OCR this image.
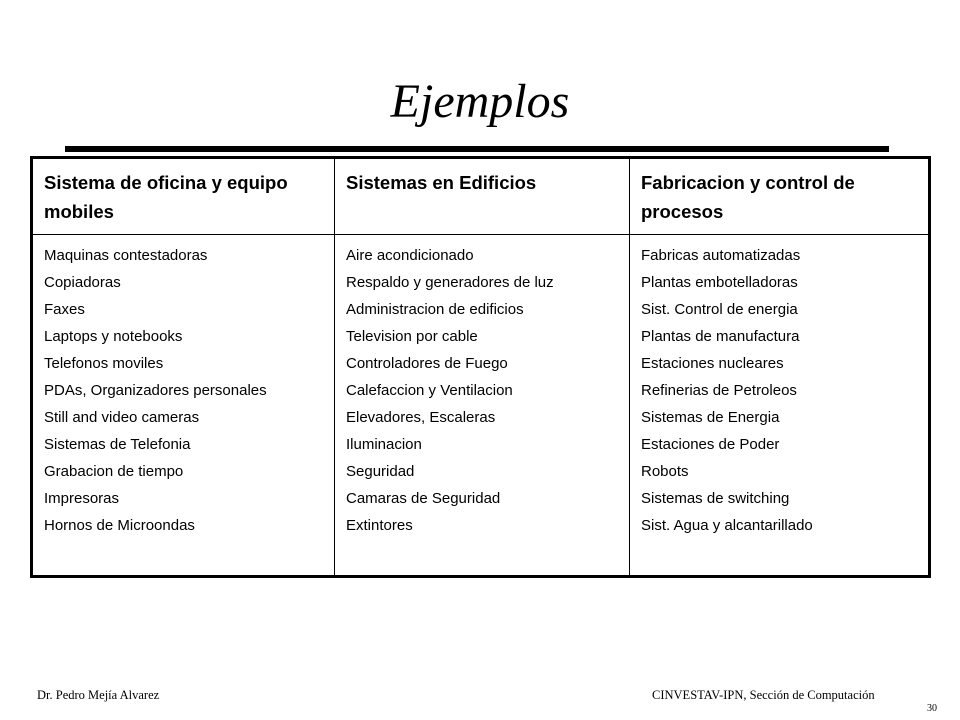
Ejemplos
Sistema de oficina y equipo mobiles
Sistemas en Edificios	Fabricacion y control de procesos
Maquinas contestadoras
Copiadoras
Faxes
Laptops y notebooks
Telefonos moviles
PDAs, Organizadores personales
Still and video cameras
Sistemas de Telefonia
Grabacion de tiempo
Impresoras
Hornos de Microondas
Aire acondicionado
Respaldo y generadores de luz
Administracion de edificios
Television por cable
Controladores de Fuego
Calefaccion y Ventilacion
Elevadores, Escaleras
Iluminacion
Seguridad
Camaras de Seguridad
Extintores
Fabricas automatizadas
Plantas embotelladoras
Sist. Control de energia
Plantas de manufactura
Estaciones nucleares
Refinerias de Petroleos
Sistemas de Energia
Estaciones de Poder
Robots
Sistemas de switching
Sist. Agua y alcantarillado
Dr. Pedro Mejía Alvarez	CINVESTAV-IPN, Sección de Computación
30
